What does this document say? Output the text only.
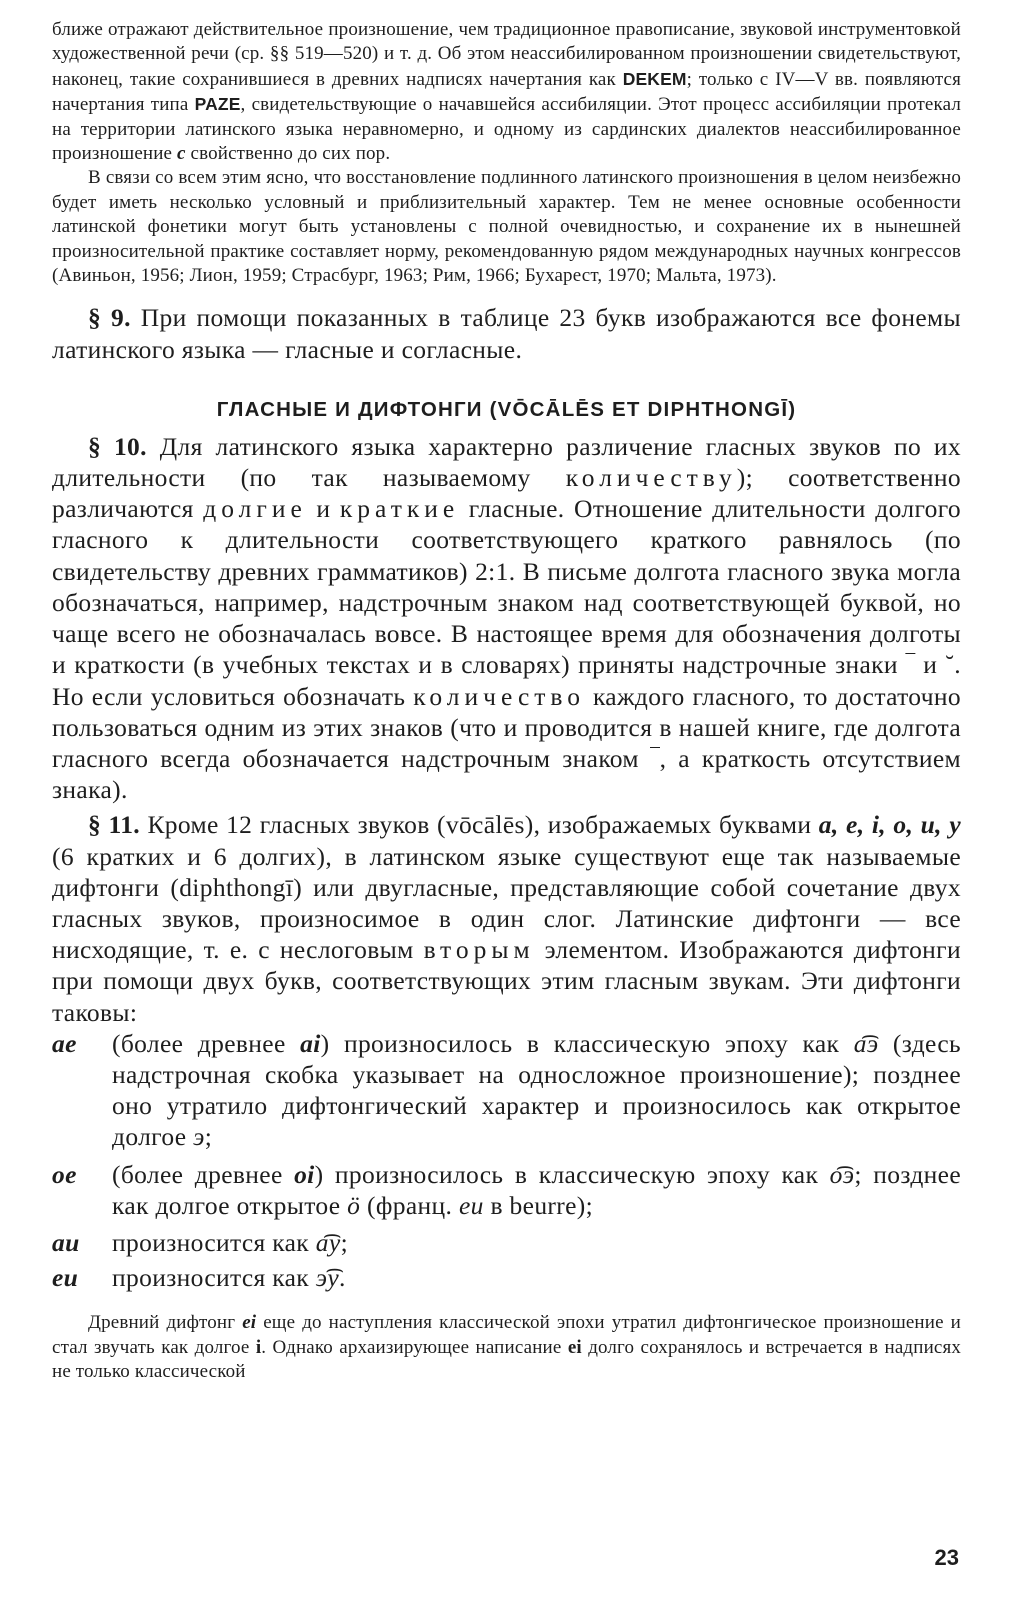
ближе отражают действительное произношение, чем традиционное правописание, звуковой инструментовкой художественной речи (ср. §§ 519—520) и т. д. Об этом неассибилированном произношении свидетельствуют, наконец, такие сохранившиеся в древних надписях начертания как DEKEM; только с IV—V вв. появляются начертания типа PAZE, свидетельствующие о начавшейся ассибиляции. Этот процесс ассибиляции протекал на территории латинского языка неравномерно, и одному из сардинских диалектов неассибилированное произношение c свойственно до сих пор.

В связи со всем этим ясно, что восстановление подлинного латинского произношения в целом неизбежно будет иметь несколько условный и приблизительный характер. Тем не менее основные особенности латинской фонетики могут быть установлены с полной очевидностью, и сохранение их в нынешней произносительной практике составляет норму, рекомендованную рядом международных научных конгрессов (Авиньон, 1956; Лион, 1959; Страсбург, 1963; Рим, 1966; Бухарест, 1970; Мальта, 1973).

§ 9. При помощи показанных в таблице 23 букв изображаются все фонемы латинского языка — гласные и согласные.

ГЛАСНЫЕ И ДИФТОНГИ (VŌCĀLĒS ET DIPHTHONGĪ)

§ 10. Для латинского языка характерно различение гласных звуков по их длительности (по так называемому количеству); соответственно различаются долгие и краткие гласные. Отношение длительности долгого гласного к длительности соответствующего краткого равнялось (по свидетельству древних грамматиков) 2:1. В письме долгота гласного звука могла обозначаться, например, надстрочным знаком над соответствующей буквой, но чаще всего не обозначалась вовсе. В настоящее время для обозначения долготы и краткости (в учебных текстах и в словарях) приняты надстрочные знаки ‾ и ˘. Но если условиться обозначать количество каждого гласного, то достаточно пользоваться одним из этих знаков (что и проводится в нашей книге, где долгота гласного всегда обозначается надстрочным знаком ‾, а краткость отсутствием знака).

§ 11. Кроме 12 гласных звуков (vōcālēs), изображаемых буквами a, e, i, o, u, y (6 кратких и 6 долгих), в латинском языке существуют еще так называемые дифтонги (diphthongī) или двугласные, представляющие собой сочетание двух гласных звуков, произносимое в один слог. Латинские дифтонги — все нисходящие, т. е. с неслоговым вторым элементом. Изображаются дифтонги при помощи двух букв, соответствующих этим гласным звукам. Эти дифтонги таковы:

ae (более древнее ai) произносилось в классическую эпоху как a͡э (здесь надстрочная скобка указывает на односложное произношение); позднее оно утратило дифтонгический характер и произносилось как открытое долгое э;
oe (более древнее oi) произносилось в классическую эпоху как o͡э; позднее как долгое открытое ö (франц. eu в beurre);
au произносится как a͡у;
eu произносится как э͡у.

Древний дифтонг ei еще до наступления классической эпохи утратил дифтонгическое произношение и стал звучать как долгое i. Однако архаизирующее написание ei долго сохранялось и встречается в надписях не только классической

23
